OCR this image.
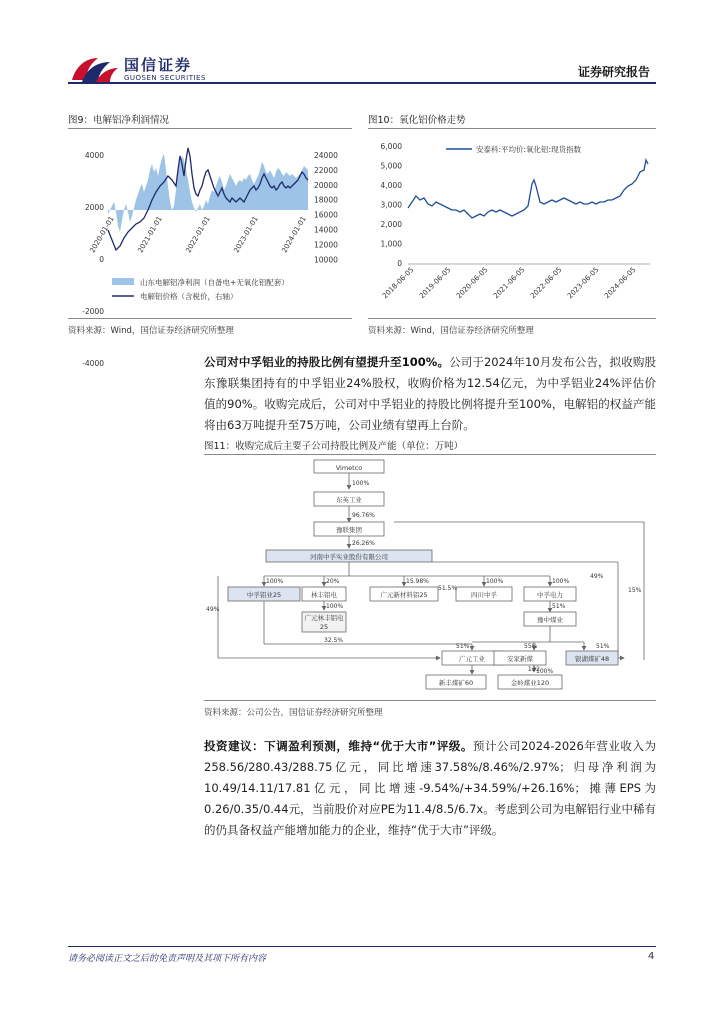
国信证券
GUOSEN SECURITIES	证券研究报告
图9：电解铝净利润情况
4000
2000
0
-2000
-4000
24000
22000
20000
18000
16000
14000
12000
10000
2020-01-01	2021-01-01	2022-01-01	2023-01-01	2024-01-01
山东电解铝净利润（自备电+无氧化铝配套）
电解铝价格（含税价，右轴）
资料来源：Wind，国信证券经济研究所整理
图10：氧化铝价格走势
6,000
5,000
4,000
3,000
2,000
1,000
0
安泰科:平均价:氧化铝:现货指数
2018-06-05 2019-06-05 2020-06-05 2021-06-05 2022-06-05 2023-06-05 2024-06-05
资料来源：Wind，国信证券经济研究所整理
公司对中孚铝业的持股比例有望提升至100%。公司于2024年10月发布公告，拟收购股东豫联集团持有的中孚铝业24%股权，收购价格为12.54亿元，为中孚铝业24%评估价值的90%。收购完成后，公司对中孚铝业的持股比例将提升至100%，电解铝的权益产能将由63万吨提升至75万吨，公司业绩有望再上台阶。
图11：收购完成后主要子公司持股比例及产能（单位：万吨）
Vimetco
东英工业
豫联集团
河南中孚实业股份有限公司
中孚铝业25	林丰铝电	广元新材料铝25	四川中孚	中孚电力
广元林丰铝电
25
豫中煤业
广元工业	安家新煤
132
银湖煤矿48
新丰煤矿60	金岭煤业120
100%
96.76%
26.26%
100%	20%	15.98%
51.5%
100%	100%
100%	51%
32.5%
49%
51%	55%
100%
51%
49%
15%
资料来源：公司公告，国信证券经济研究所整理
投资建议：下调盈利预测，维持“优于大市”评级。预计公司2024-2026年营业收入为258.56/280.43/288.75亿元，同比增速37.58%/8.46%/2.97%；归母净利润为10.49/14.11/17.81亿元，同比增速-9.54%/+34.59%/+26.16%；摊薄EPS为0.26/0.35/0.44元，当前股价对应PE为11.4/8.5/6.7x。考虑到公司为电解铝行业中稀有的仍具备权益产能增加能力的企业，维持“优于大市”评级。
请务必阅读正文之后的免责声明及其项下所有内容	4
